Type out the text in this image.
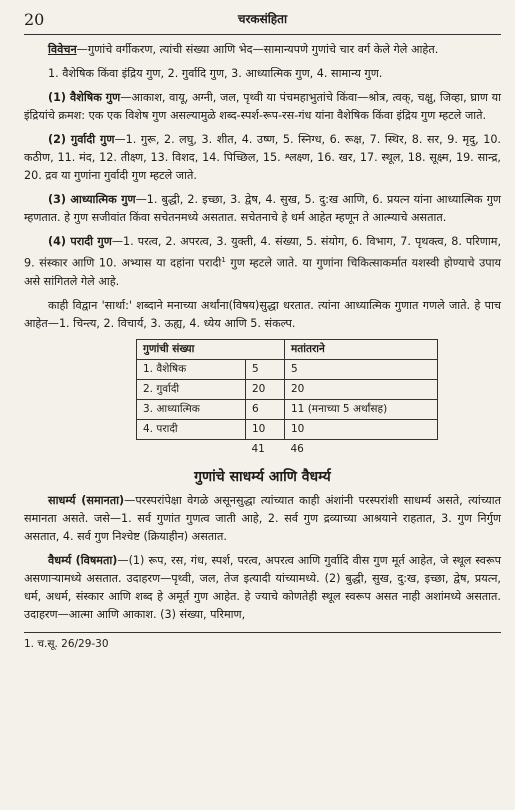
20	चरकसंहिता

विवेचन—गुणांचे वर्गीकरण, त्यांची संख्या आणि भेद—सामान्यपणे गुणांचे चार वर्ग केले गेले आहेत.

1. वैशेषिक किंवा इंद्रिय गुण, 2. गुर्वादि गुण, 3. आध्यात्मिक गुण, 4. सामान्य गुण.

(1) वैशेषिक गुण—आकाश, वायू, अग्नी, जल, पृथ्वी या पंचमहाभुतांचे किंवा—श्रोत्र, त्वक्, चक्षु, जिव्हा, घ्राण या इंद्रियांचे क्रमश: एक एक विशेष गुण असल्यामुळे शब्द-स्पर्श-रूप-रस-गंध यांना वैशेषिक किंवा इंद्रिय गुण म्हटले जाते.

(2) गुर्वादी गुण—1. गुरू, 2. लघु, 3. शीत, 4. उष्ण, 5. स्निग्ध, 6. रूक्ष, 7. स्थिर, 8. सर, 9. मृदु, 10. कठीण, 11. मंद, 12. तीक्ष्ण, 13. विशद, 14. पिच्छिल, 15. श्लक्ष्ण, 16. खर, 17. स्थूल, 18. सूक्ष्म, 19. सान्द्र, 20. द्रव या गुणांना गुर्वादी गुण म्हटले जाते.

(3) आध्यात्मिक गुण—1. बुद्धी, 2. इच्छा, 3. द्वेष, 4. सुख, 5. दु:ख आणि, 6. प्रयत्न यांना आध्यात्मिक गुण म्हणतात. हे गुण सजीवांत किंवा सचेतनमध्ये असतात. सचेतनाचे हे धर्म आहेत म्हणून ते आत्म्याचे असतात.

(4) परादी गुण—1. परत्व, 2. अपरत्व, 3. युक्ती, 4. संख्या, 5. संयोग, 6. विभाग, 7. पृथक्त्व, 8. परिणाम, 9. संस्कार आणि 10. अभ्यास या दहांना परादी$^1$ गुण म्हटले जाते. या गुणांना चिकित्साकर्मात यशस्वी होण्याचे उपाय असे सांगितले गेले आहे.

काही विद्वान 'सार्था:' शब्दाने मनाच्या अर्थांना(विषय)सुद्धा धरतात. त्यांना आध्यात्मिक गुणात गणले जाते. हे पाच आहेत—1. चिन्त्य, 2. विचार्य, 3. ऊह्य, 4. ध्येय आणि 5. संकल्प.

गुणांची संख्या		मतांतराने
1. वैशेषिक	5	5
2. गुर्वादी	20	20
3. आध्यात्मिक	6	11 (मनाच्या 5 अर्थांसह)
4. परादी	10	10
	41	46
गुणांचे साधर्म्य आणि वैधर्म्य

साधर्म्य (समानता)—परस्परांपेक्षा वेगळे असूनसुद्धा त्यांच्यात काही अंशांनी परस्परांशी साधर्म्य असते, त्यांच्यात समानता असते. जसे—1. सर्व गुणांत गुणत्व जाती आहे, 2. सर्व गुण द्रव्याच्या आश्रयाने राहतात, 3. गुण निर्गुण असतात, 4. सर्व गुण निश्चेष्ट (क्रियाहीन) असतात.

वैधर्म्य (विषमता)—(1) रूप, रस, गंध, स्पर्श, परत्व, अपरत्व आणि गुर्वादि वीस गुण मूर्त आहेत, जे स्थूल स्वरूप असणाऱ्यामध्ये असतात. उदाहरण—पृथ्वी, जल, तेज इत्यादी यांच्यामध्ये. (2) बुद्धी, सुख, दु:ख, इच्छा, द्वेष, प्रयत्न, धर्म, अधर्म, संस्कार आणि शब्द हे अमूर्त गुण आहेत. हे ज्याचे कोणतेही स्थूल स्वरूप असत नाही अशांमध्ये असतात. उदाहरण—आत्मा आणि आकाश. (3) संख्या, परिमाण,

1. च.सू. 26/29-30
